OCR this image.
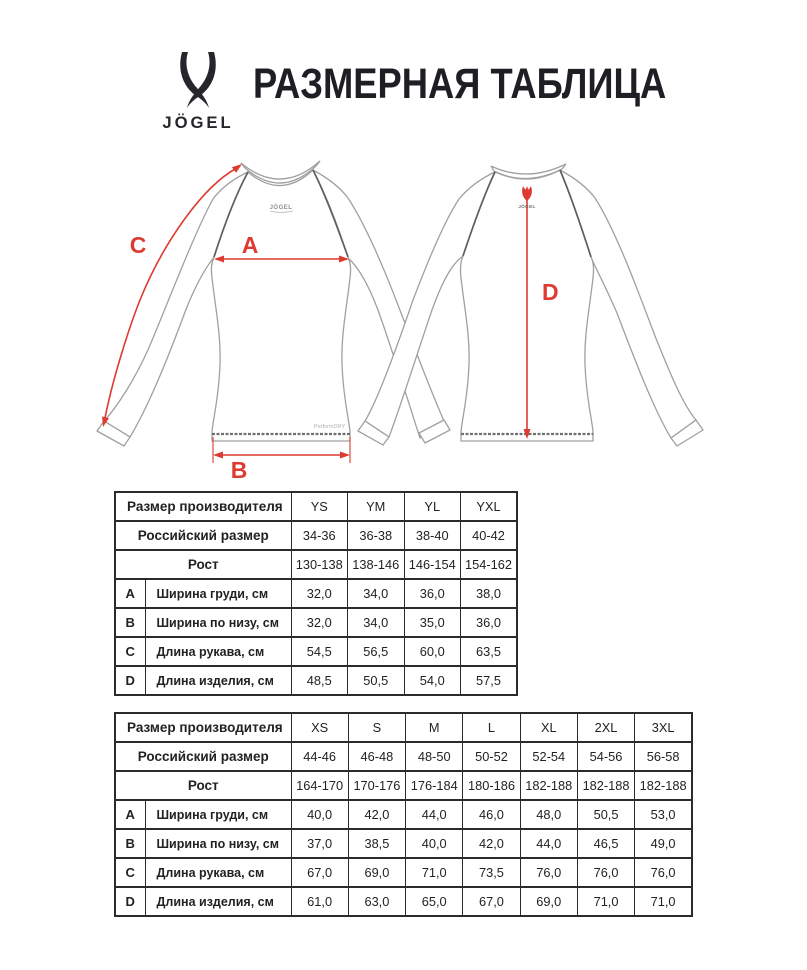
JÖGEL
РАЗМЕРНАЯ ТАБЛИЦА
JÖGEL
PerformDRY
JÖGEL
A
B
C
D
Размер производителя		YS	YM	YL	YXL
Российский размер		34-36	36-38	38-40	40-42
Рост		130-138	138-146	146-154	154-162
A	Ширина груди, см	32,0	34,0	36,0	38,0
B	Ширина по низу, см	32,0	34,0	35,0	36,0
C	Длина рукава, см	54,5	56,5	60,0	63,5
D	Длина изделия, см	48,5	50,5	54,0	57,5
Размер производителя		XS	S	M	L	XL	2XL	3XL
Российский размер		44-46	46-48	48-50	50-52	52-54	54-56	56-58
Рост		164-170	170-176	176-184	180-186	182-188	182-188	182-188
A	Ширина груди, см	40,0	42,0	44,0	46,0	48,0	50,5	53,0
B	Ширина по низу, см	37,0	38,5	40,0	42,0	44,0	46,5	49,0
C	Длина рукава, см	67,0	69,0	71,0	73,5	76,0	76,0	76,0
D	Длина изделия, см	61,0	63,0	65,0	67,0	69,0	71,0	71,0
